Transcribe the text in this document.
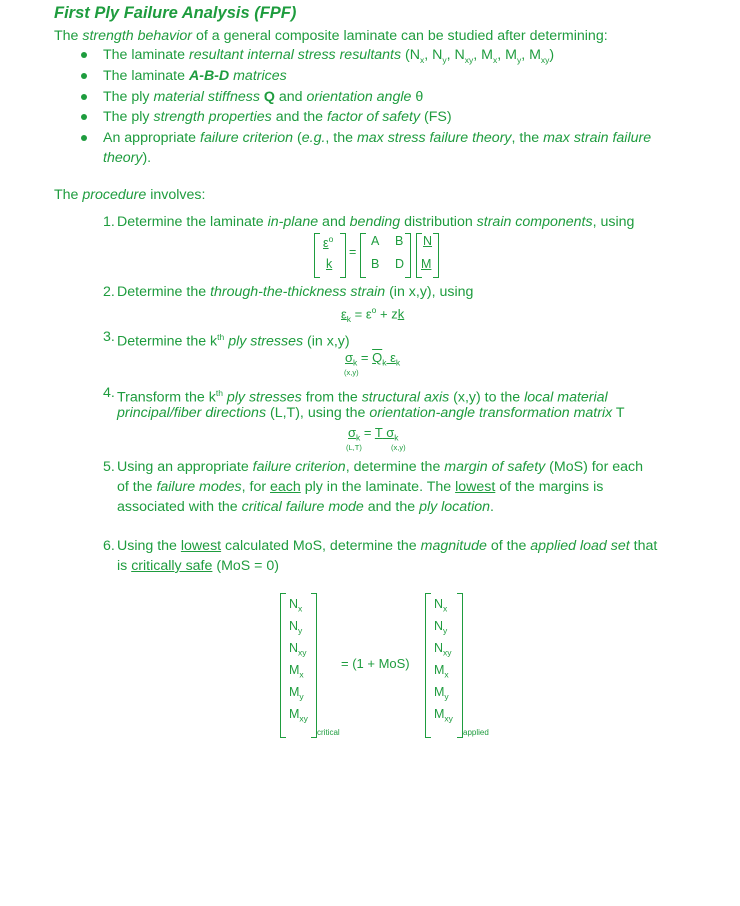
First Ply Failure Analysis (FPF)
The strength behavior of a general composite laminate can be studied after determining:
The laminate resultant internal stress resultants ($N_x$, $N_y$, $N_{xy}$, $M_x$, $M_y$, $M_{xy}$)
The laminate A-B-D matrices
The ply material stiffness Q and orientation angle θ
The ply strength properties and the factor of safety (FS)
An appropriate failure criterion (e.g., the max stress failure theory, the max strain failure
theory).
The procedure involves:
1. Determine the laminate in-plane and bending distribution strain components, using
$\varepsilon^o$
k
=
A B
B D
N
M
2. Determine the through-the-thickness strain (in x,y), using
$\varepsilon_k = \varepsilon^o$ + zk
3. Determine the $k^{th}$ ply stresses (in x,y)
$\sigma_k = Q_k$ $\varepsilon_k$
(x,y)
4. Transform the $k^{th}$ ply stresses from the structural axis (x,y) to the local material
principal/fiber directions (L,T), using the orientation-angle transformation matrix T
$\sigma_k = T$ $\sigma_k$
(L,T)	(x,y)
5. Using an appropriate failure criterion, determine the margin of safety (MoS) for each
of the failure modes, for each ply in the laminate. The lowest of the margins is
associated with the critical failure mode and the ply location.
6. Using the lowest calculated MoS, determine the magnitude of the applied load set that
is critically safe (MoS = 0)
critical
= (1 + MoS)
applied
$N_x$
$N_y$
$N_{xy}$
$M_x$
$M_y$
$M_{xy}$
$N_x$
$N_y$
$N_{xy}$
$M_x$
$M_y$
$M_{xy}$
